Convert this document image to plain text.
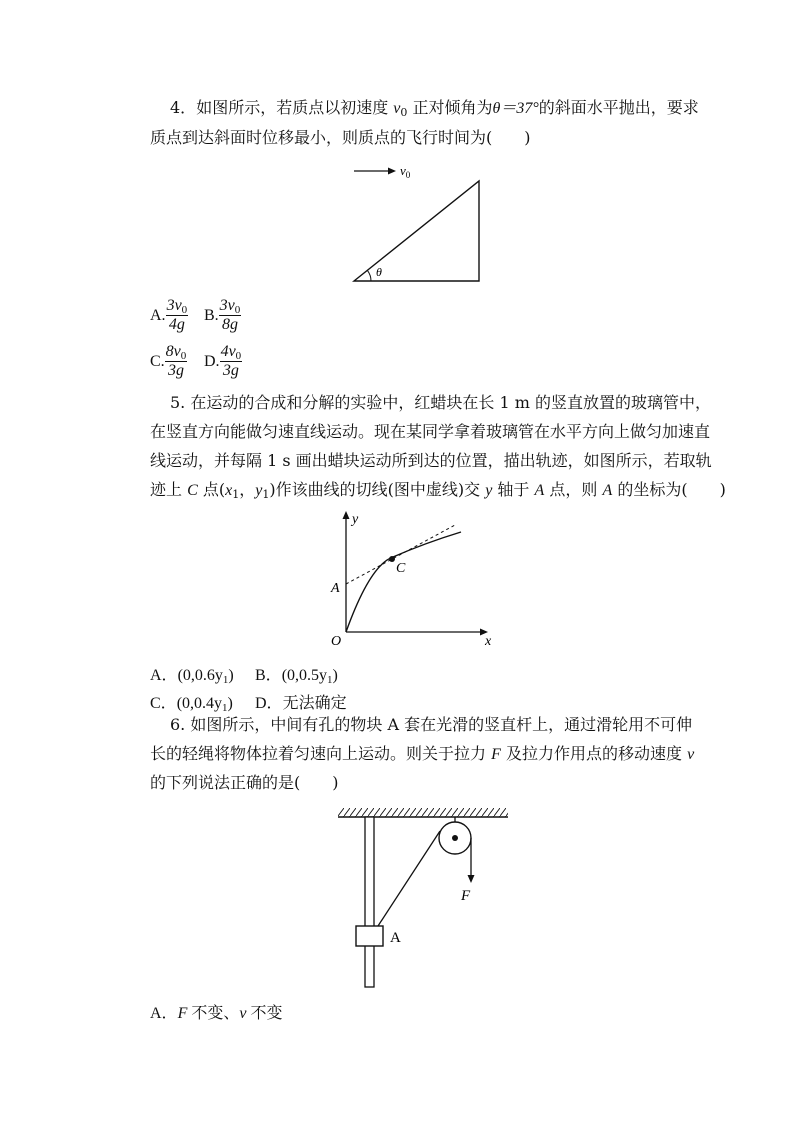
4．如图所示，若质点以初速度 $v_0$ 正对倾角为θ＝37°的斜面水平抛出，要求
质点到达斜面时位移最小，则质点的飞行时间为(　　)
$v_0$
θ
A. $\frac{3v_0}{4g} B$. $\frac{3v_0}{8g}$
C. $\frac{8v_0}{3g} D$. $\frac{4v_0}{3g}$
5. 在运动的合成和分解的实验中，红蜡块在长 1 m 的竖直放置的玻璃管中，
在竖直方向能做匀速直线运动。现在某同学拿着玻璃管在水平方向上做匀加速直
线运动，并每隔 1 s 画出蜡块运动所到达的位置，描出轨迹，如图所示，若取轨
迹上 C 点($x_1$，$y_1$)作该曲线的切线(图中虚线)交 y 轴于 A 点，则 A 的坐标为(　　)
y
x
O
A
C
A．$(0,0.6y_1)$ B．$(0,0.5y_1)$
C．$(0,0.4y_1)$ D．无法确定
6. 如图所示，中间有孔的物块 A 套在光滑的竖直杆上，通过滑轮用不可伸
长的轻绳将物体拉着匀速向上运动。则关于拉力 F 及拉力作用点的移动速度 v
的下列说法正确的是(　　)
F
A
A．F 不变、v 不变
